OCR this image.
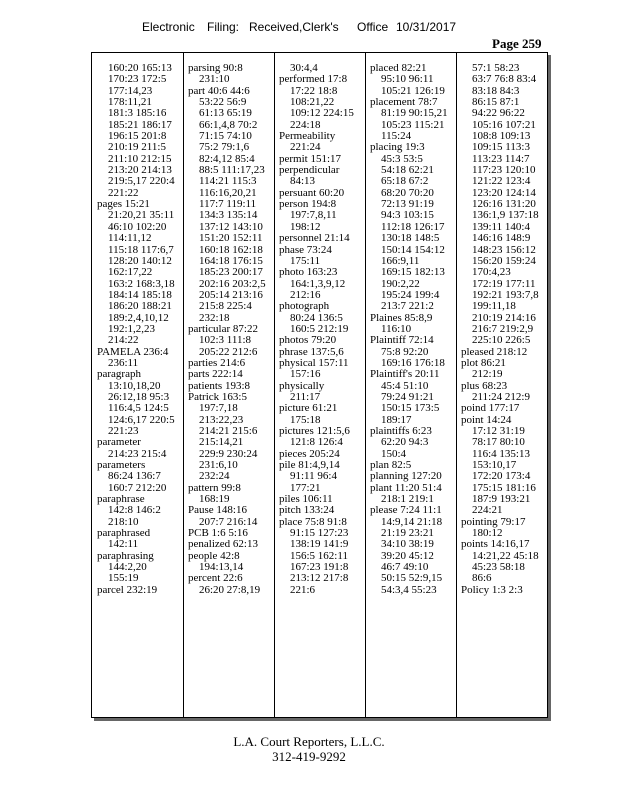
Electronic Filing: Received,Clerk's Office 10/31/2017
Page 259
160:20 165:13
170:23 172:5
177:14,23
178:11,21
181:3 185:16
185:21 186:17
196:15 201:8
210:19 211:5
211:10 212:15
213:20 214:13
219:5,17 220:4
221:22
pages 15:21
21:20,21 35:11
46:10 102:20
114:11,12
115:18 117:6,7
128:20 140:12
162:17,22
163:2 168:3,18
184:14 185:18
186:20 188:21
189:2,4,10,12
192:1,2,23
214:22
PAMELA 236:4
236:11
paragraph
13:10,18,20
26:12,18 95:3
116:4,5 124:5
124:6,17 220:5
221:23
parameter
214:23 215:4
parameters
86:24 136:7
160:7 212:20
paraphrase
142:8 146:2
218:10
paraphrased
142:11
paraphrasing
144:2,20
155:19
parcel 232:19
parsing 90:8
231:10
part 40:6 44:6
53:22 56:9
61:13 65:19
66:1,4,8 70:2
71:15 74:10
75:2 79:1,6
82:4,12 85:4
88:5 111:17,23
114:21 115:3
116:16,20,21
117:7 119:11
134:3 135:14
137:12 143:10
151:20 152:11
160:18 162:18
164:18 176:15
185:23 200:17
202:16 203:2,5
205:14 213:16
215:8 225:4
232:18
particular 87:22
102:3 111:8
205:22 212:6
parties 214:6
parts 222:14
patients 193:8
Patrick 163:5
197:7,18
213:22,23
214:21 215:6
215:14,21
229:9 230:24
231:6,10
232:24
pattern 99:8
168:19
Pause 148:16
207:7 216:14
PCB 1:6 5:16
penalized 62:13
people 42:8
194:13,14
percent 22:6
26:20 27:8,19
30:4,4
performed 17:8
17:22 18:8
108:21,22
109:12 224:15
224:18
Permeability
221:24
permit 151:17
perpendicular
84:13
persuant 60:20
person 194:8
197:7,8,11
198:12
personnel 21:14
phase 73:24
175:11
photo 163:23
164:1,3,9,12
212:16
photograph
80:24 136:5
160:5 212:19
photos 79:20
phrase 137:5,6
physical 157:11
157:16
physically
211:17
picture 61:21
175:18
pictures 121:5,6
121:8 126:4
pieces 205:24
pile 81:4,9,14
91:11 96:4
177:21
piles 106:11
pitch 133:24
place 75:8 91:8
91:15 127:23
138:19 141:9
156:5 162:11
167:23 191:8
213:12 217:8
221:6
placed 82:21
95:10 96:11
105:21 126:19
placement 78:7
81:19 90:15,21
105:23 115:21
115:24
placing 19:3
45:3 53:5
54:18 62:21
65:18 67:2
68:20 70:20
72:13 91:19
94:3 103:15
112:18 126:17
130:18 148:5
150:14 154:12
166:9,11
169:15 182:13
190:2,22
195:24 199:4
213:7 221:2
Plaines 85:8,9
116:10
Plaintiff 72:14
75:8 92:20
169:16 176:18
Plaintiff's 20:11
45:4 51:10
79:24 91:21
150:15 173:5
189:17
plaintiffs 6:23
62:20 94:3
150:4
plan 82:5
planning 127:20
plant 11:20 51:4
218:1 219:1
please 7:24 11:1
14:9,14 21:18
21:19 23:21
34:10 38:19
39:20 45:12
46:7 49:10
50:15 52:9,15
54:3,4 55:23
57:1 58:23
63:7 76:8 83:4
83:18 84:3
86:15 87:1
94:22 96:22
105:16 107:21
108:8 109:13
109:15 113:3
113:23 114:7
117:23 120:10
121:22 123:4
123:20 124:14
126:16 131:20
136:1,9 137:18
139:11 140:4
146:16 148:9
148:23 156:12
156:20 159:24
170:4,23
172:19 177:11
192:21 193:7,8
199:11,18
210:19 214:16
216:7 219:2,9
225:10 226:5
pleased 218:12
plot 86:21
212:19
plus 68:23
211:24 212:9
poind 177:17
point 14:24
17:12 31:19
78:17 80:10
116:4 135:13
153:10,17
172:20 173:4
175:15 181:16
187:9 193:21
224:21
pointing 79:17
180:12
points 14:16,17
14:21,22 45:18
45:23 58:18
86:6
Policy 1:3 2:3
L.A. Court Reporters, L.L.C.
312-419-9292
